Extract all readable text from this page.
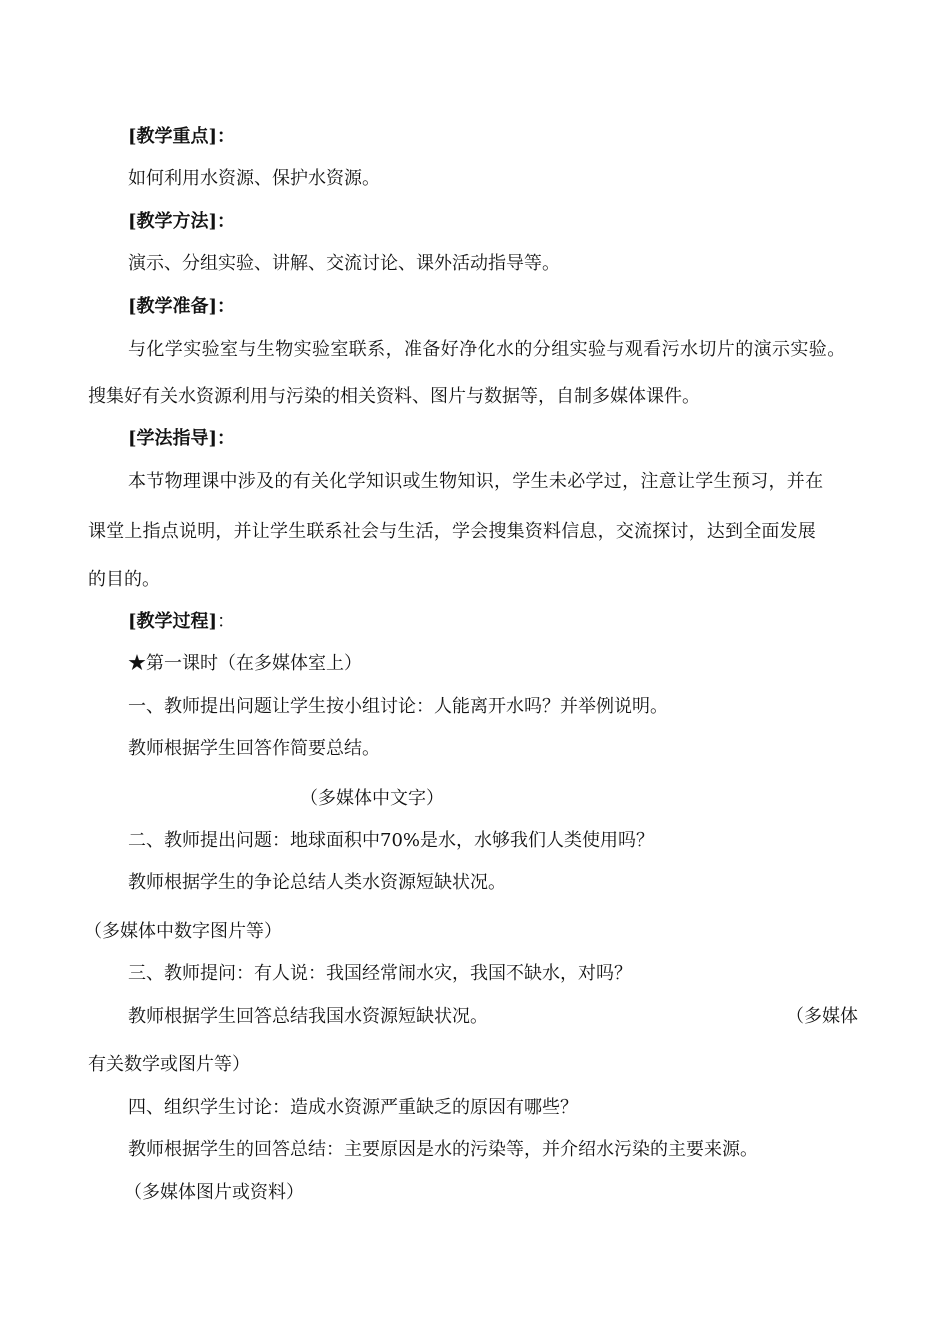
[教学重点]：
如何利用水资源、保护水资源。
[教学方法]：
演示、分组实验、讲解、交流讨论、课外活动指导等。
[教学准备]：
与化学实验室与生物实验室联系，准备好净化水的分组实验与观看污水切片的演示实验。
搜集好有关水资源利用与污染的相关资料、图片与数据等，自制多媒体课件。
[学法指导]：
本节物理课中涉及的有关化学知识或生物知识，学生未必学过，注意让学生预习，并在
课堂上指点说明，并让学生联系社会与生活，学会搜集资料信息，交流探讨，达到全面发展
的目的。
[教学过程]：
★第一课时（在多媒体室上）
一、教师提出问题让学生按小组讨论：人能离开水吗？并举例说明。
教师根据学生回答作简要总结。
（多媒体中文字）
二、教师提出问题：地球面积中70%是水，水够我们人类使用吗？
教师根据学生的争论总结人类水资源短缺状况。
（多媒体中数字图片等）
三、教师提问：有人说：我国经常闹水灾，我国不缺水，对吗？
教师根据学生回答总结我国水资源短缺状况。	（多媒体
有关数学或图片等）
四、组织学生讨论：造成水资源严重缺乏的原因有哪些？
教师根据学生的回答总结：主要原因是水的污染等，并介绍水污染的主要来源。
（多媒体图片或资料）
